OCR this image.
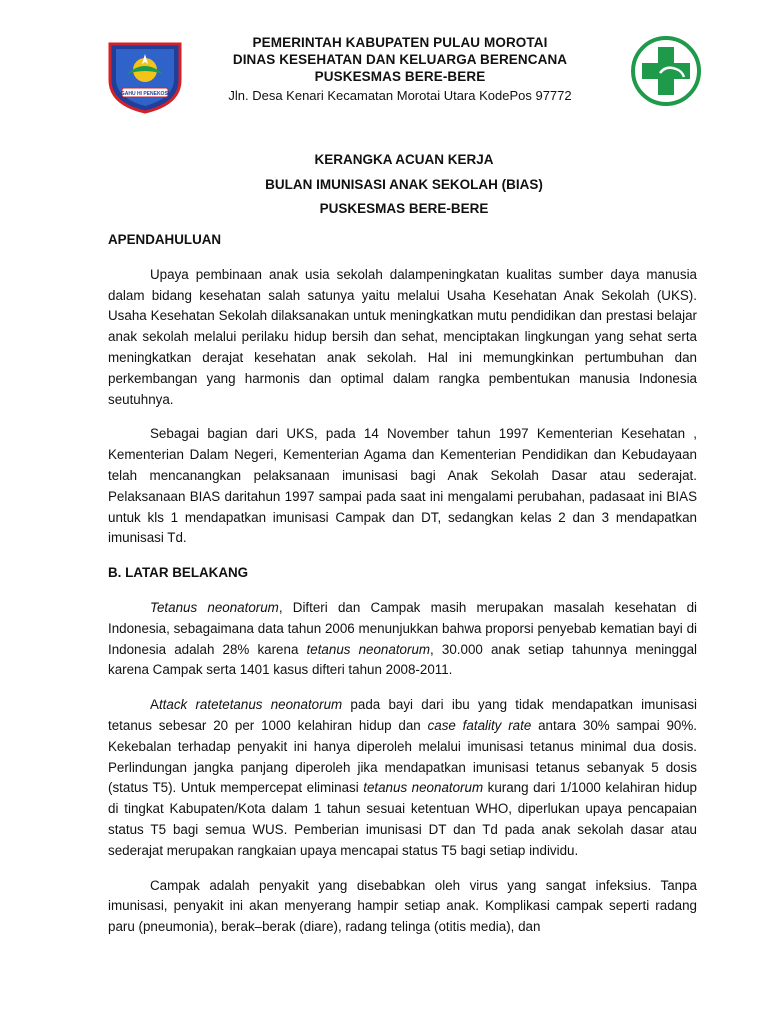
GAHU HI PENEKOSI
PEMERINTAH KABUPATEN PULAU MOROTAI
DINAS KESEHATAN DAN KELUARGA BERENCANA
PUSKESMAS BERE-BERE
Jln. Desa Kenari Kecamatan Morotai Utara KodePos 97772
KERANGKA ACUAN KERJA
BULAN IMUNISASI ANAK SEKOLAH (BIAS)
PUSKESMAS BERE-BERE
APENDAHULUAN

Upaya pembinaan anak usia sekolah dalampeningkatan kualitas sumber daya manusia dalam bidang kesehatan salah satunya yaitu melalui Usaha Kesehatan Anak Sekolah (UKS). Usaha Kesehatan Sekolah dilaksanakan untuk meningkatkan mutu pendidikan dan prestasi belajar anak sekolah melalui perilaku hidup bersih dan sehat, menciptakan lingkungan yang sehat serta meningkatkan derajat kesehatan anak sekolah. Hal ini memungkinkan pertumbuhan dan perkembangan yang harmonis dan optimal dalam rangka pembentukan manusia Indonesia seutuhnya.

Sebagai bagian dari UKS, pada 14 November tahun 1997 Kementerian Kesehatan , Kementerian Dalam Negeri, Kementerian Agama dan Kementerian Pendidikan dan Kebudayaan telah mencanangkan pelaksanaan imunisasi bagi Anak Sekolah Dasar atau sederajat. Pelaksanaan BIAS daritahun 1997 sampai pada saat ini mengalami perubahan, padasaat ini BIAS untuk kls 1 mendapatkan imunisasi Campak dan DT, sedangkan kelas 2 dan 3 mendapatkan imunisasi Td.

B. LATAR BELAKANG

Tetanus neonatorum, Difteri dan Campak masih merupakan masalah kesehatan di Indonesia, sebagaimana data tahun 2006 menunjukkan bahwa proporsi penyebab kematian bayi di Indonesia adalah 28% karena tetanus neonatorum, 30.000 anak setiap tahunnya meninggal karena Campak serta 1401 kasus difteri tahun 2008-2011.

Attack ratetetanus neonatorum pada bayi dari ibu yang tidak mendapatkan imunisasi tetanus sebesar 20 per 1000 kelahiran hidup dan case fatality rate antara 30% sampai 90%. Kekebalan terhadap penyakit ini hanya diperoleh melalui imunisasi tetanus minimal dua dosis. Perlindungan jangka panjang diperoleh jika mendapatkan imunisasi tetanus sebanyak 5 dosis (status T5). Untuk mempercepat eliminasi tetanus neonatorum kurang dari 1/1000 kelahiran hidup di tingkat Kabupaten/Kota dalam 1 tahun sesuai ketentuan WHO, diperlukan upaya pencapaian status T5 bagi semua WUS. Pemberian imunisasi DT dan Td pada anak sekolah dasar atau sederajat merupakan rangkaian upaya mencapai status T5 bagi setiap individu.

Campak adalah penyakit yang disebabkan oleh virus yang sangat infeksius. Tanpa imunisasi, penyakit ini akan menyerang hampir setiap anak. Komplikasi campak seperti radang paru (pneumonia), berak–berak (diare), radang telinga (otitis media), dan
